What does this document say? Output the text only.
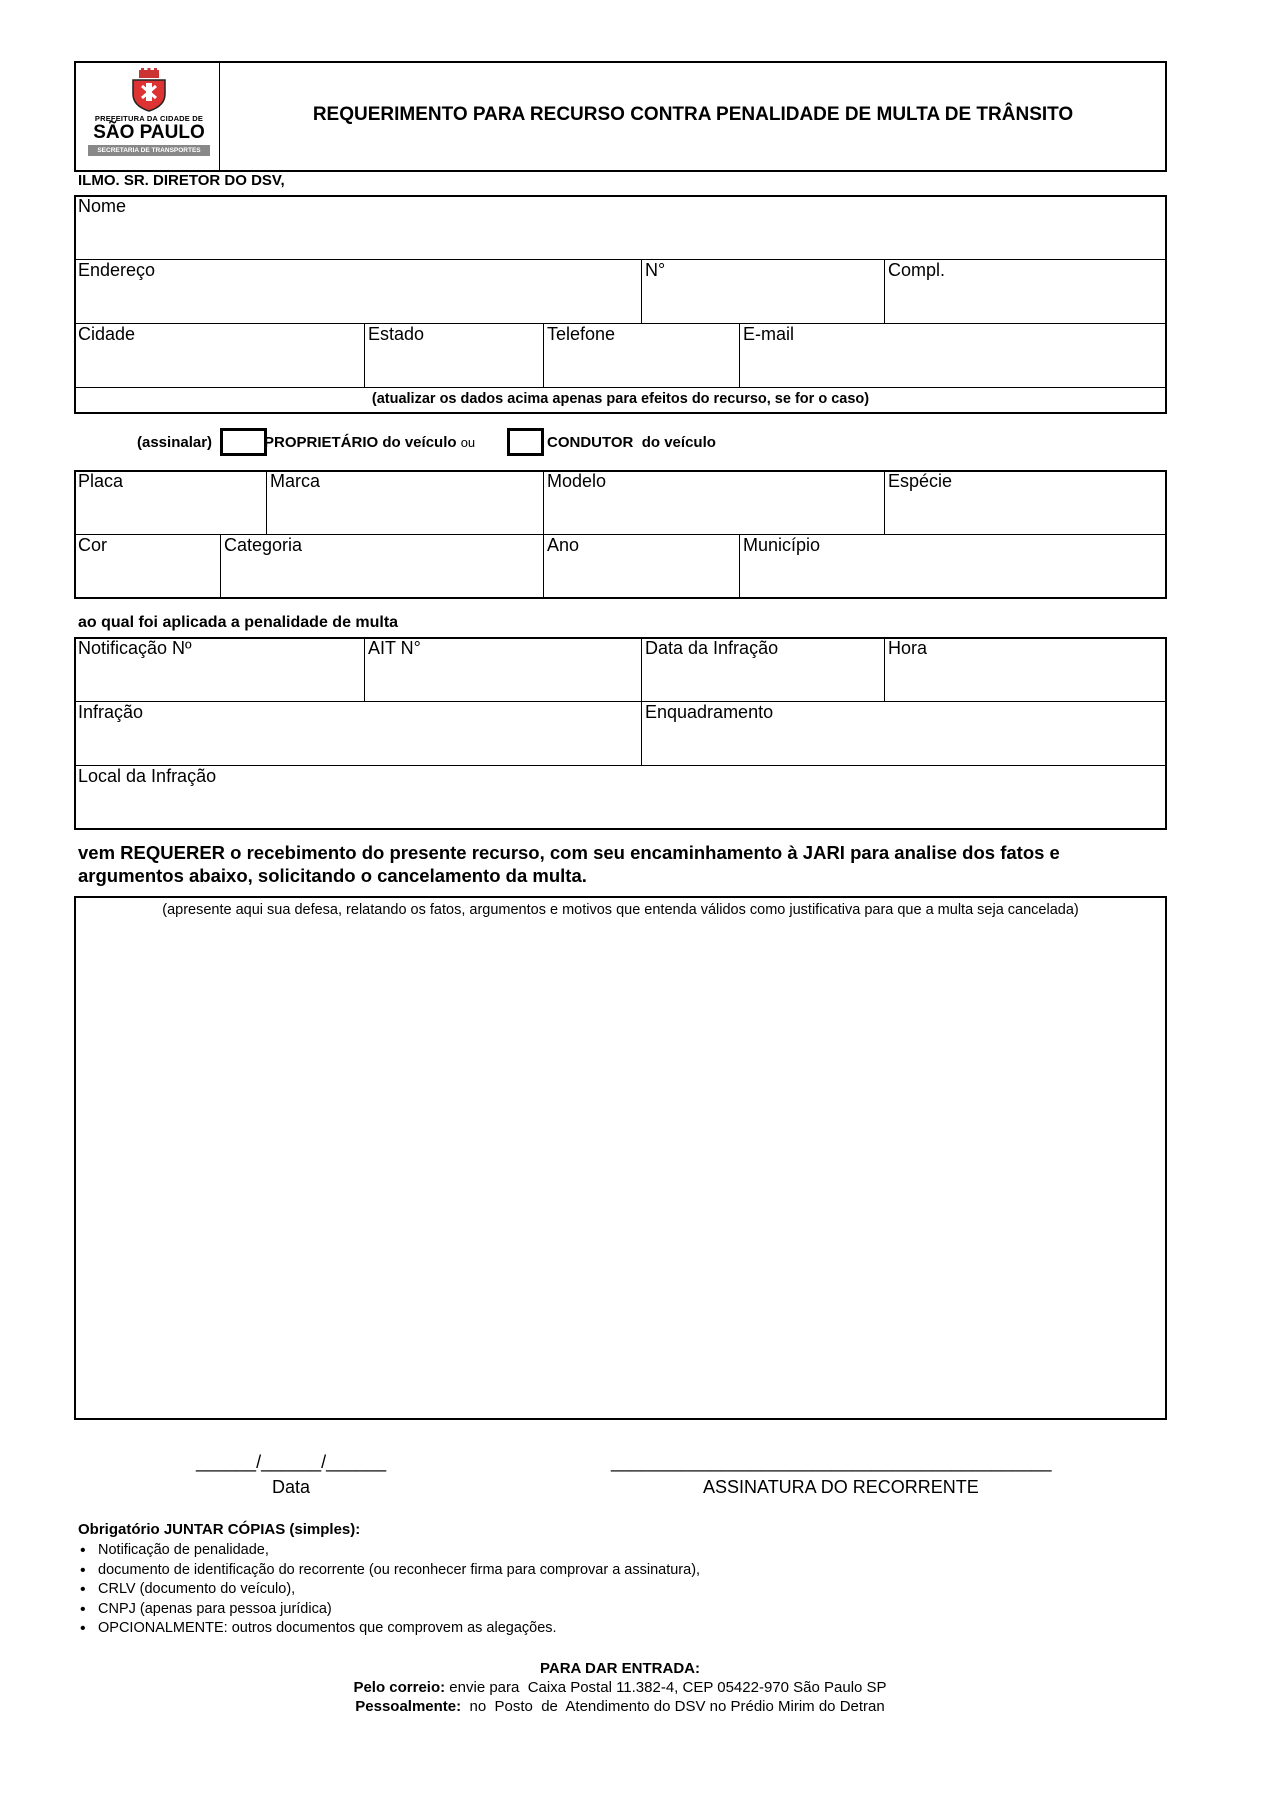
PREFEITURA DA CIDADE DE
SÃO PAULO
SECRETARIA DE TRANSPORTES
REQUERIMENTO PARA RECURSO CONTRA PENALIDADE DE MULTA DE TRÂNSITO
ILMO. SR. DIRETOR DO DSV,
Nome
Endereço	N°	Compl.
Cidade	Estado	Telefone	E-mail
(atualizar os dados acima apenas para efeitos do recurso, se for o caso)
(assinalar)	PROPRIETÁRIO do veículo ou	CONDUTOR  do veículo
Placa	Marca	Modelo	Espécie
Cor	Categoria	Ano	Município
ao qual foi aplicada a penalidade de multa
Notificação Nº	AIT N°	Data da Infração	Hora
Infração	Enquadramento
Local da Infração
vem REQUERER o recebimento do presente recurso, com seu encaminhamento à JARI para analise dos fatos e
argumentos abaixo, solicitando o cancelamento da multa.
(apresente aqui sua defesa, relatando os fatos, argumentos e motivos que entenda válidos como justificativa para que a multa seja cancelada)
______/______/______
Data
____________________________________________
ASSINATURA DO RECORRENTE
Obrigatório JUNTAR CÓPIAS (simples):
• Notificação de penalidade,
• documento de identificação do recorrente (ou reconhecer firma para comprovar a assinatura),
• CRLV (documento do veículo),
• CNPJ (apenas para pessoa jurídica)
• OPCIONALMENTE: outros documentos que comprovem as alegações.
PARA DAR ENTRADA:
Pelo correio: envie para  Caixa Postal 11.382-4, CEP 05422-970 São Paulo SP
Pessoalmente:  no  Posto  de  Atendimento do DSV no Prédio Mirim do Detran
